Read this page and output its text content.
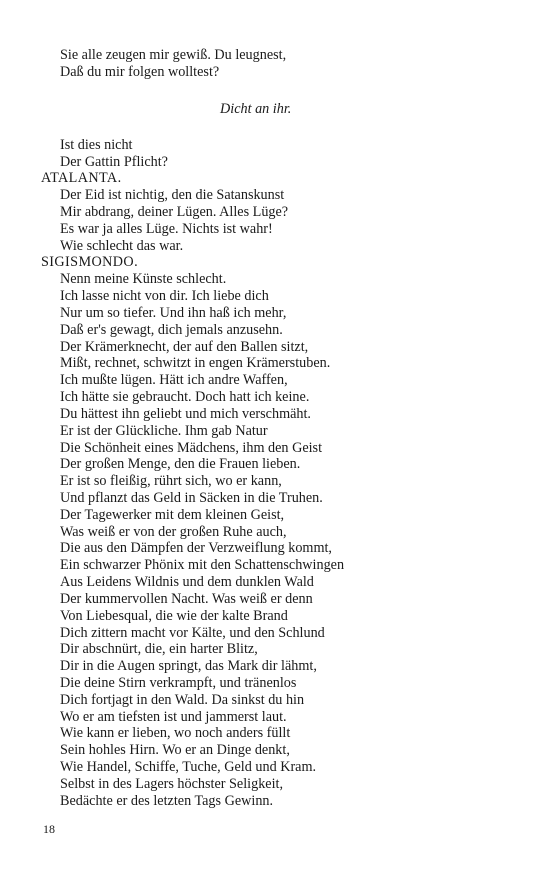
Sie alle zeugen mir gewiß. Du leugnest,
Daß du mir folgen wolltest?
Dicht an ihr.
Ist dies nicht
Der Gattin Pflicht?
ATALANTA.
Der Eid ist nichtig, den die Satanskunst
Mir abdrang, deiner Lügen. Alles Lüge?
Es war ja alles Lüge. Nichts ist wahr!
Wie schlecht das war.
SIGISMONDO.
Nenn meine Künste schlecht.
Ich lasse nicht von dir. Ich liebe dich
Nur um so tiefer. Und ihn haß ich mehr,
Daß er's gewagt, dich jemals anzusehn.
Der Krämerknecht, der auf den Ballen sitzt,
Mißt, rechnet, schwitzt in engen Krämerstuben.
Ich mußte lügen. Hätt ich andre Waffen,
Ich hätte sie gebraucht. Doch hatt ich keine.
Du hättest ihn geliebt und mich verschmäht.
Er ist der Glückliche. Ihm gab Natur
Die Schönheit eines Mädchens, ihm den Geist
Der großen Menge, den die Frauen lieben.
Er ist so fleißig, rührt sich, wo er kann,
Und pflanzt das Geld in Säcken in die Truhen.
Der Tagewerker mit dem kleinen Geist,
Was weiß er von der großen Ruhe auch,
Die aus den Dämpfen der Verzweiflung kommt,
Ein schwarzer Phönix mit den Schattenschwingen
Aus Leidens Wildnis und dem dunklen Wald
Der kummervollen Nacht. Was weiß er denn
Von Liebesqual, die wie der kalte Brand
Dich zittern macht vor Kälte, und den Schlund
Dir abschnürt, die, ein harter Blitz,
Dir in die Augen springt, das Mark dir lähmt,
Die deine Stirn verkrampft, und tränenlos
Dich fortjagt in den Wald. Da sinkst du hin
Wo er am tiefsten ist und jammerst laut.
Wie kann er lieben, wo noch anders füllt
Sein hohles Hirn. Wo er an Dinge denkt,
Wie Handel, Schiffe, Tuche, Geld und Kram.
Selbst in des Lagers höchster Seligkeit,
Bedächte er des letzten Tags Gewinn.
18
